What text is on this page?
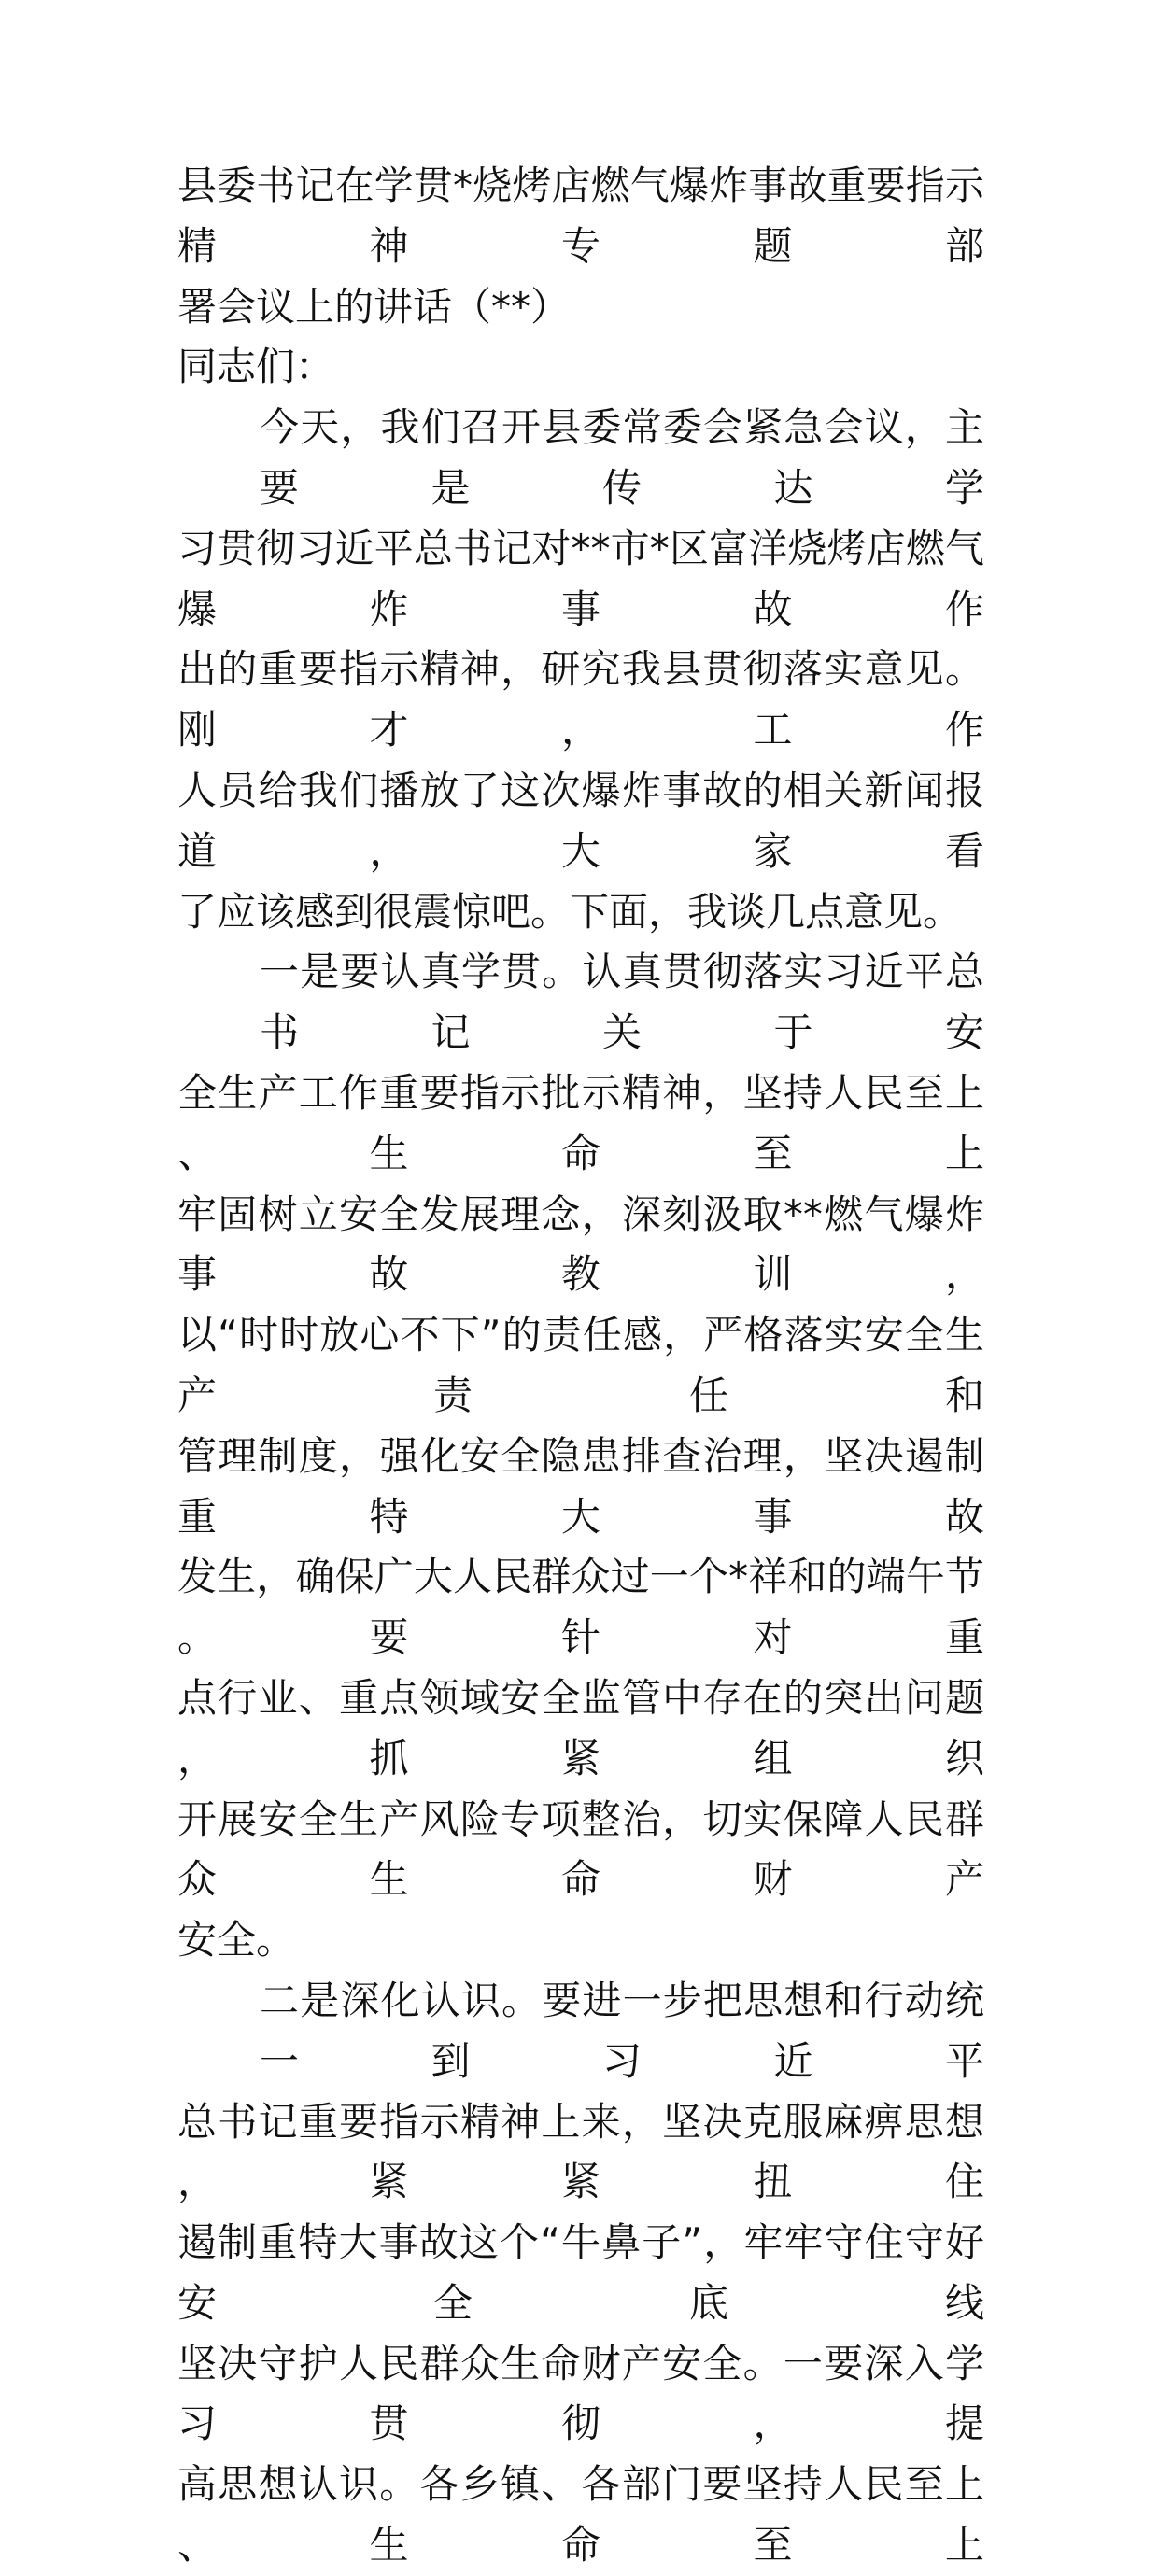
县委书记在学贯*烧烤店燃气爆炸事故重要指示精神专题部
署会议上的讲话（**）
同志们：
今天，我们召开县委常委会紧急会议，主要是传达学
习贯彻习近平总书记对**市*区富洋烧烤店燃气爆炸事故作
出的重要指示精神，研究我县贯彻落实意见。刚才，工作
人员给我们播放了这次爆炸事故的相关新闻报道，大家看
了应该感到很震惊吧。下面，我谈几点意见。
一是要认真学贯。认真贯彻落实习近平总书记关于安
全生产工作重要指示批示精神，坚持人民至上、生命至上
牢固树立安全发展理念，深刻汲取**燃气爆炸事故教训，
以“时时放心不下”的责任感，严格落实安全生产责任和
管理制度，强化安全隐患排查治理，坚决遏制重特大事故
发生，确保广大人民群众过一个*祥和的端午节。要针对重
点行业、重点领域安全监管中存在的突出问题，抓紧组织
开展安全生产风险专项整治，切实保障人民群众生命财产
安全。
二是深化认识。要进一步把思想和行动统一到习近平
总书记重要指示精神上来，坚决克服麻痹思想，紧紧扭住
遏制重特大事故这个“牛鼻子”，牢牢守住守好安全底线
坚决守护人民群众生命财产安全。一要深入学习贯彻，提
高思想认识。各乡镇、各部门要坚持人民至上、生命至上
